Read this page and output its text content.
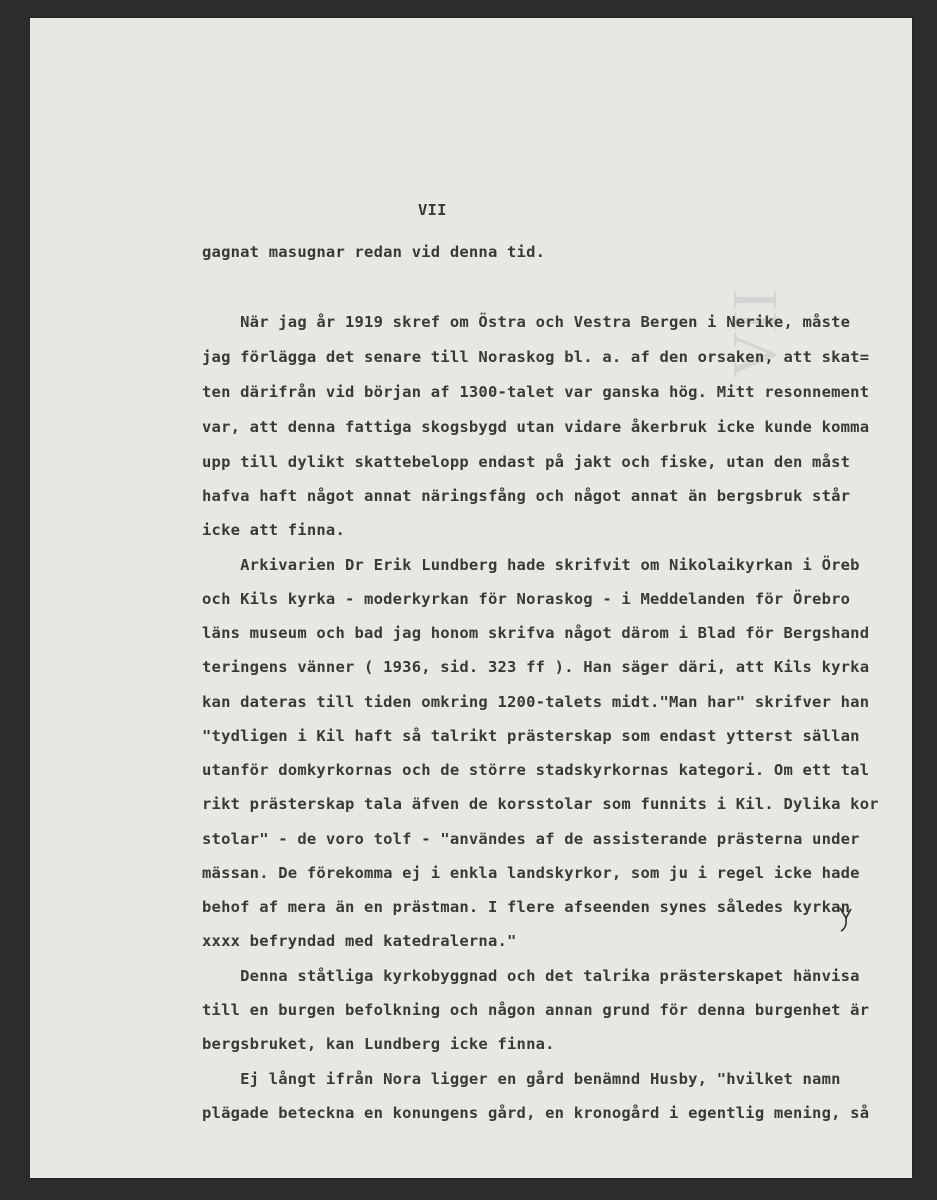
VII
VII
gagnat masugnar redan vid denna tid.
När jag år 1919 skref om Östra och Vestra Bergen i Nerike, måste
jag förlägga det senare till Noraskog bl. a. af den orsaken, att skat=
ten därifrån vid början af 1300-talet var ganska hög. Mitt resonnement
var, att denna fattiga skogsbygd utan vidare åkerbruk icke kunde komma
upp till dylikt skattebelopp endast på jakt och fiske, utan den måst
hafva haft något annat näringsfång och något annat än bergsbruk står
icke att finna.
Arkivarien Dr Erik Lundberg hade skrifvit om Nikolaikyrkan i Öreb
och Kils kyrka - moderkyrkan för Noraskog - i Meddelanden för Örebro
läns museum och bad jag honom skrifva något därom i Blad för Bergshand
teringens vänner ( 1936, sid. 323 ff ). Han säger däri, att Kils kyrka
kan dateras till tiden omkring 1200-talets midt."Man har" skrifver han
"tydligen i Kil haft så talrikt prästerskap som endast ytterst sällan
utanför domkyrkornas och de större stadskyrkornas kategori. Om ett tal
rikt prästerskap tala äfven de korsstolar som funnits i Kil. Dylika kor
stolar" - de voro tolf - "användes af de assisterande prästerna under
mässan. De förekomma ej i enkla landskyrkor, som ju i regel icke hade
behof af mera än en prästman. I flere afseenden synes således kyrkan
xxxx befryndad med katedralerna."
Denna ståtliga kyrkobyggnad och det talrika prästerskapet hänvisa
till en burgen befolkning och någon annan grund för denna burgenhet är
bergsbruket, kan Lundberg icke finna.
Ej långt ifrån Nora ligger en gård benämnd Husby, "hvilket namn
plägade beteckna en konungens gård, en kronogård i egentlig mening, så
